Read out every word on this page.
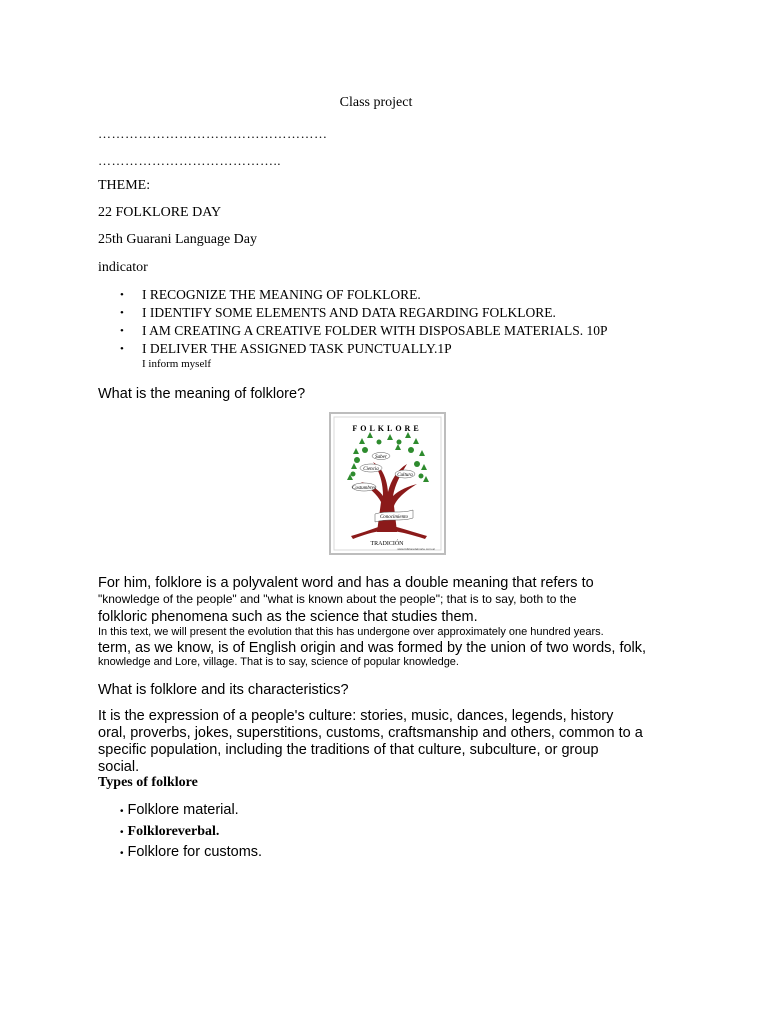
Class project
……………………………………………
…………………………………..
THEME:
22 FOLKLORE DAY
25th Guarani Language Day
indicator
• I RECOGNIZE THE MEANING OF FOLKLORE.
• I IDENTIFY SOME ELEMENTS AND DATA REGARDING FOLKLORE.
• I AM CREATING A CREATIVE FOLDER WITH DISPOSABLE MATERIALS. 10P
• I DELIVER THE ASSIGNED TASK PUNCTUALLY.1P
I inform myself
What is the meaning of folklore?
FOLKLORE
Ciencia
Cultura
Saber
Costumbres
Conocimiento
TRADICIÓN
www.folkloredelnorte.com.ar
For him, folklore is a polyvalent word and has a double meaning that refers to
"knowledge of the people" and "what is known about the people"; that is to say, both to the
folkloric phenomena such as the science that studies them.
In this text, we will present the evolution that this has undergone over approximately one hundred years.
term, as we know, is of English origin and was formed by the union of two words, folk,
knowledge and Lore, village. That is to say, science of popular knowledge.
What is folklore and its characteristics?
It is the expression of a people's culture: stories, music, dances, legends, history
oral, proverbs, jokes, superstitions, customs, craftsmanship and others, common to a
specific population, including the traditions of that culture, subculture, or group
social.
Types of folklore
• Folklore material.
• Folkloreverbal.
• Folklore for customs.
